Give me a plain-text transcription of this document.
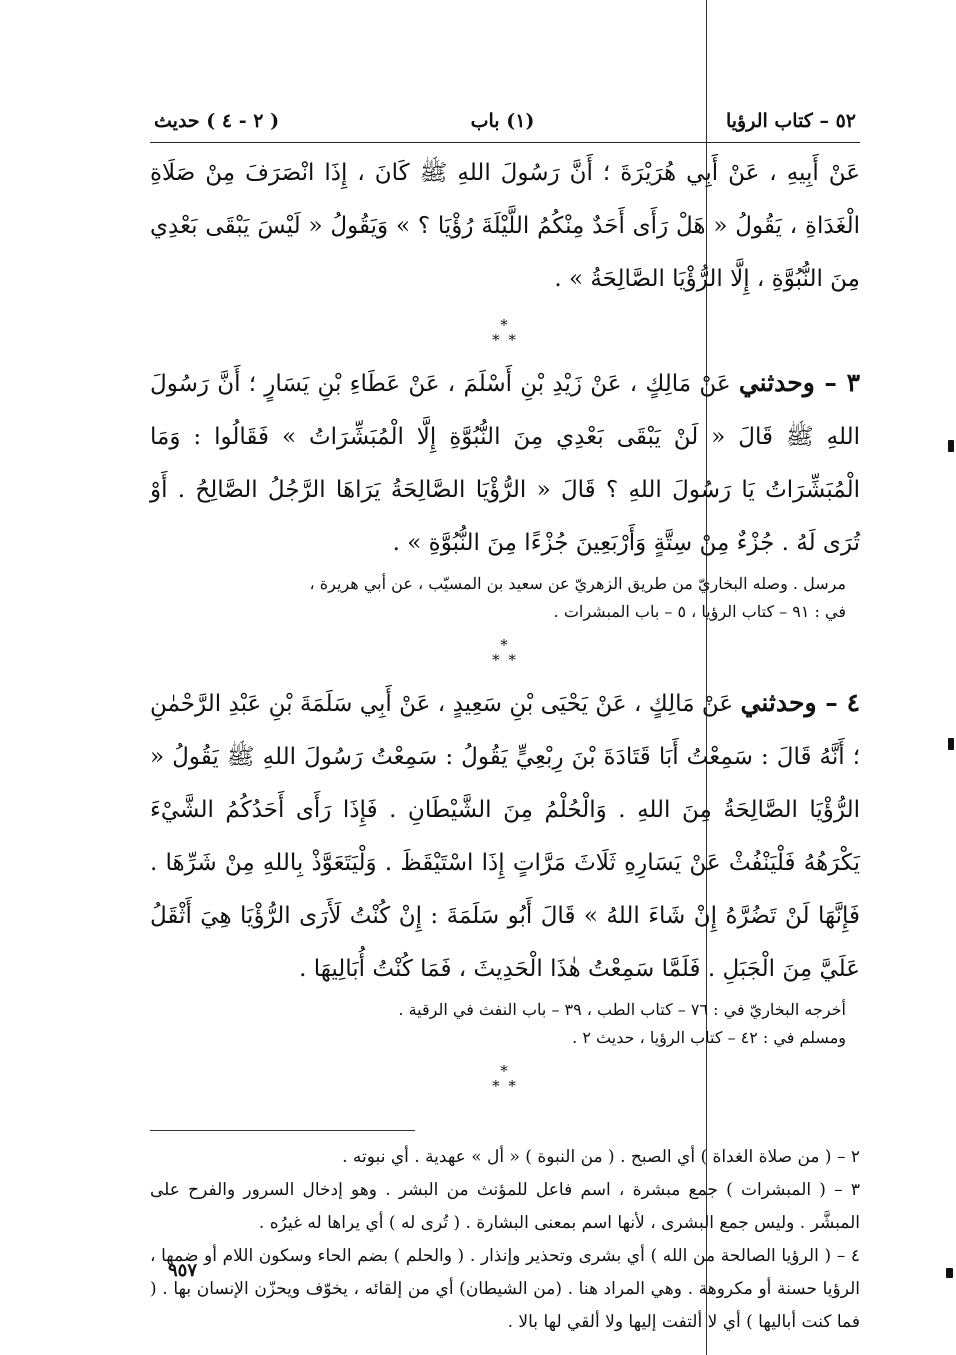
٥٢ – كتاب الرؤيا
(١) باب
( ٢ - ٤ ) حديث

عَنْ أَبِيهِ ، عَنْ أَبِي هُرَيْرَةَ ؛ أَنَّ رَسُولَ اللهِ ﷺ كَانَ ، إِذَا انْصَرَفَ مِنْ صَلَاةِ الْغَدَاةِ ، يَقُولُ « هَلْ رَأَى أَحَدٌ مِنْكُمُ اللَّيْلَةَ رُؤْيَا ؟ » وَيَقُولُ « لَيْسَ يَبْقَى بَعْدِي مِنَ النُّبُوَّةِ ، إِلَّا الرُّؤْيَا الصَّالِحَةُ » .

*
* *

٣ – وحدثني عَنْ مَالِكٍ ، عَنْ زَيْدِ بْنِ أَسْلَمَ ، عَنْ عَطَاءِ بْنِ يَسَارٍ ؛ أَنَّ رَسُولَ اللهِ ﷺ قَالَ « لَنْ يَبْقَى بَعْدِي مِنَ النُّبُوَّةِ إِلَّا الْمُبَشِّرَاتُ » فَقَالُوا : وَمَا الْمُبَشِّرَاتُ يَا رَسُولَ اللهِ ؟ قَالَ « الرُّؤْيَا الصَّالِحَةُ يَرَاهَا الرَّجُلُ الصَّالِحُ . أَوْ تُرَى لَهُ . جُزْءٌ مِنْ سِتَّةٍ وَأَرْبَعِينَ جُزْءًا مِنَ النُّبُوَّةِ » .

مرسل . وصله البخاريّ من طريق الزهريّ عن سعيد بن المسيّب ، عن أبي هريرة ،

في : ٩١ – كتاب الرؤيا ، ٥ – باب المبشرات .

*
* *

٤ – وحدثني عَنْ مَالِكٍ ، عَنْ يَحْيَى بْنِ سَعِيدٍ ، عَنْ أَبِي سَلَمَةَ بْنِ عَبْدِ الرَّحْمٰنِ ؛ أَنَّهُ قَالَ : سَمِعْتُ أَبَا قَتَادَةَ بْنَ رِبْعِيٍّ يَقُولُ : سَمِعْتُ رَسُولَ اللهِ ﷺ يَقُولُ « الرُّؤْيَا الصَّالِحَةُ مِنَ اللهِ . وَالْحُلْمُ مِنَ الشَّيْطَانِ . فَإِذَا رَأَى أَحَدُكُمُ الشَّيْءَ يَكْرَهُهُ فَلْيَنْفُثْ عَنْ يَسَارِهِ ثَلَاثَ مَرَّاتٍ إِذَا اسْتَيْقَظَ . وَلْيَتَعَوَّذْ بِاللهِ مِنْ شَرِّهَا . فَإِنَّهَا لَنْ تَضُرَّهُ إِنْ شَاءَ اللهُ » قَالَ أَبُو سَلَمَةَ : إِنْ كُنْتُ لَأَرَى الرُّؤْيَا هِيَ أَثْقَلُ عَلَيَّ مِنَ الْجَبَلِ . فَلَمَّا سَمِعْتُ هٰذَا الْحَدِيثَ ، فَمَا كُنْتُ أُبَالِيهَا .

أخرجه البخاريّ في : ٧٦ – كتاب الطب ، ٣٩ – باب النفث في الرقية .

ومسلم في : ٤٢ – كتاب الرؤيا ، حديث ٢ .

*
* *

٢ – ( من صلاة الغداة ) أي الصبح . ( من النبوة ) « أل » عهدية . أي نبوته .

٣ – ( المبشرات ) جمع مبشرة ، اسم فاعل للمؤنث من البشر . وهو إدخال السرور والفرح على المبشَّر . وليس جمع البشرى ، لأنها اسم بمعنى البشارة . ( تُرى له ) أي يراها له غيرُه .

٤ – ( الرؤيا الصالحة من الله ) أي بشرى وتحذير وإنذار . ( والحلم ) بضم الحاء وسكون اللام أو ضمها ، الرؤيا حسنة أو مكروهة . وهي المراد هنا . (من الشيطان) أي من إلقائه ، يخوّف ويحزّن الإنسان بها . ( فما كنت أباليها ) أي لا ألتفت إليها ولا ألقي لها بالا .

٩٥٧
